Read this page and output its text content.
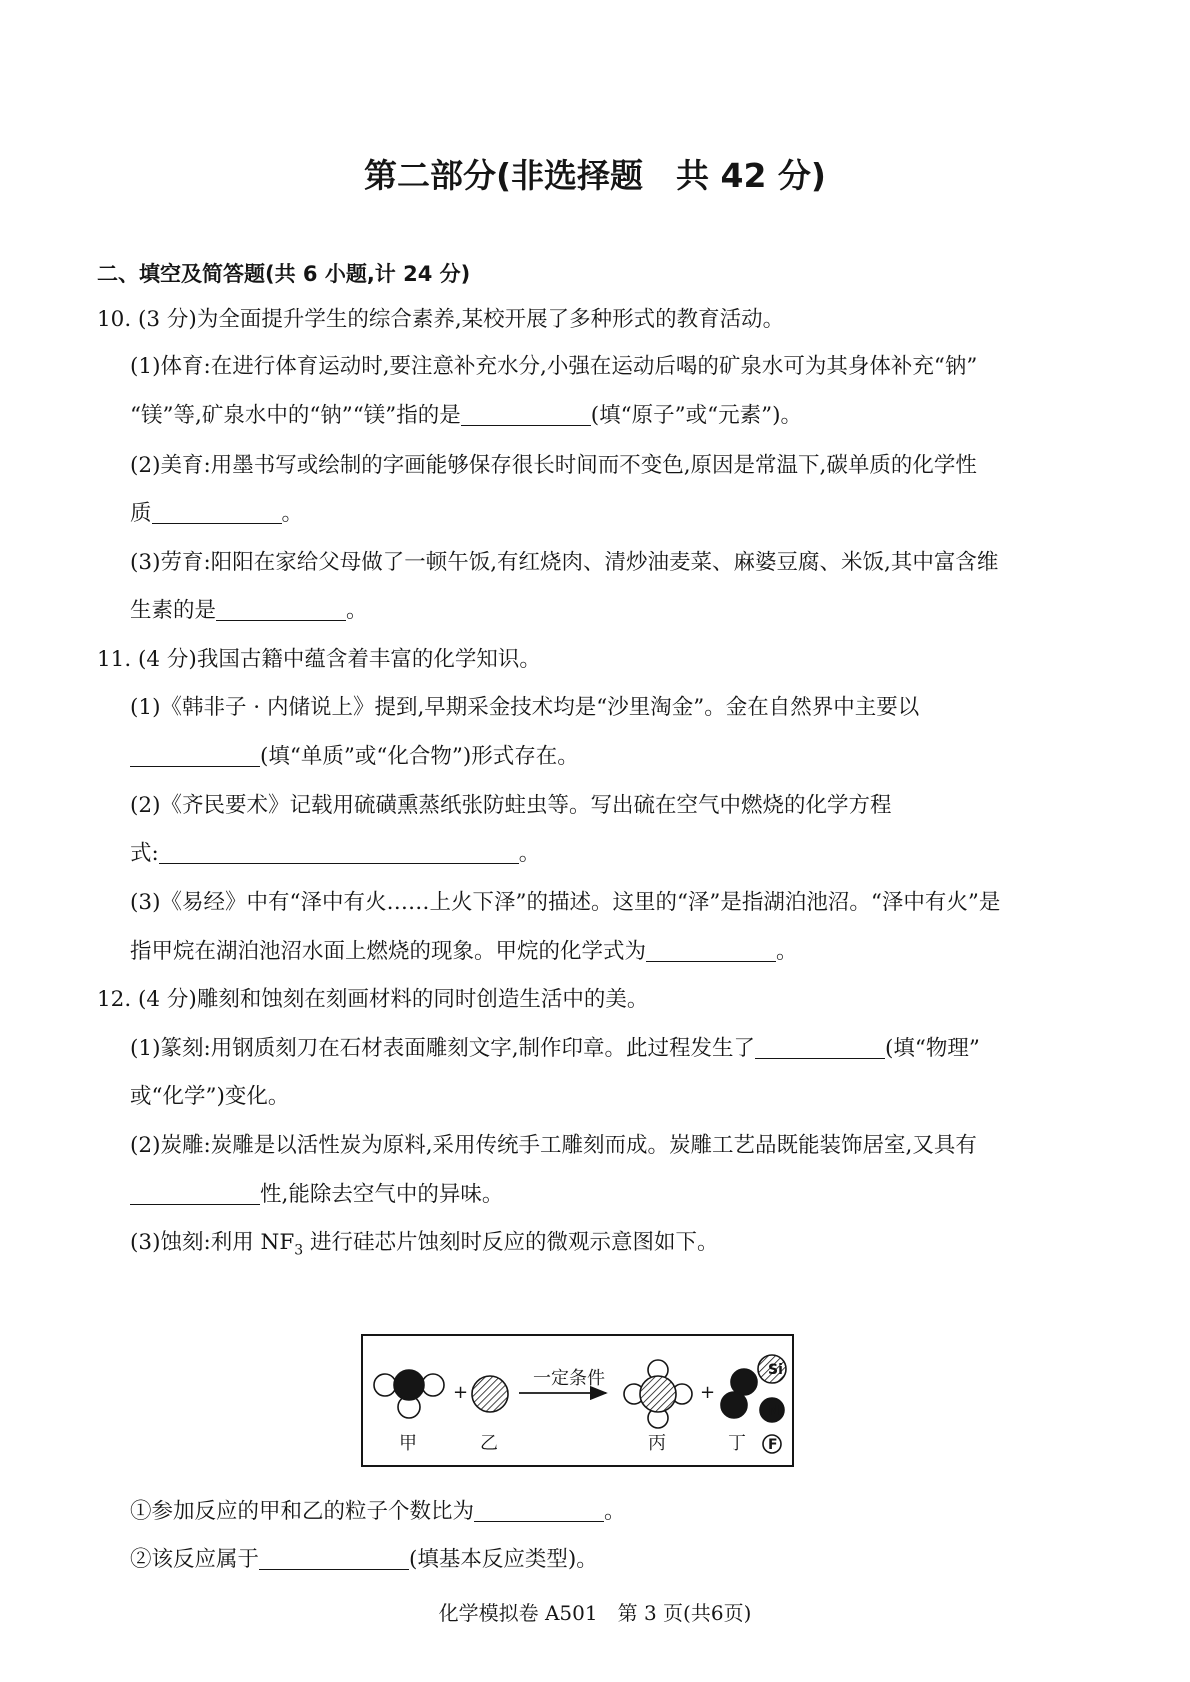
第二部分(非选择题　共 42 分)
二、填空及简答题(共 6 小题,计 24 分)
10. (3 分)为全面提升学生的综合素养,某校开展了多种形式的教育活动。
(1)体育:在进行体育运动时,要注意补充水分,小强在运动后喝的矿泉水可为其身体补充“钠”
“镁”等,矿泉水中的“钠”“镁”指的是	(填“原子”或“元素”)。
(2)美育:用墨书写或绘制的字画能够保存很长时间而不变色,原因是常温下,碳单质的化学性
质	。
(3)劳育:阳阳在家给父母做了一顿午饭,有红烧肉、清炒油麦菜、麻婆豆腐、米饭,其中富含维
生素的是	。
11. (4 分)我国古籍中蕴含着丰富的化学知识。
(1)《韩非子 · 内储说上》提到,早期采金技术均是“沙里淘金”。金在自然界中主要以
(填“单质”或“化合物”)形式存在。
(2)《齐民要术》记载用硫磺熏蒸纸张防蛀虫等。写出硫在空气中燃烧的化学方程
式:	。
(3)《易经》中有“泽中有火……上火下泽”的描述。这里的“泽”是指湖泊池沼。“泽中有火”是
指甲烷在湖泊池沼水面上燃烧的现象。甲烷的化学式为	。
12. (4 分)雕刻和蚀刻在刻画材料的同时创造生活中的美。
(1)篆刻:用钢质刻刀在石材表面雕刻文字,制作印章。此过程发生了	(填“物理”
或“化学”)变化。
(2)炭雕:炭雕是以活性炭为原料,采用传统手工雕刻而成。炭雕工艺品既能装饰居室,又具有
性,能除去空气中的异味。
(3)蚀刻:利用 $NF_3$ 进行硅芯片蚀刻时反应的微观示意图如下。
+	+
一定条件
甲	乙	丙	丁
Si
N
F
①参加反应的甲和乙的粒子个数比为	。
②该反应属于	(填基本反应类型)。
化学模拟卷 A501　第 3 页(共6页)
